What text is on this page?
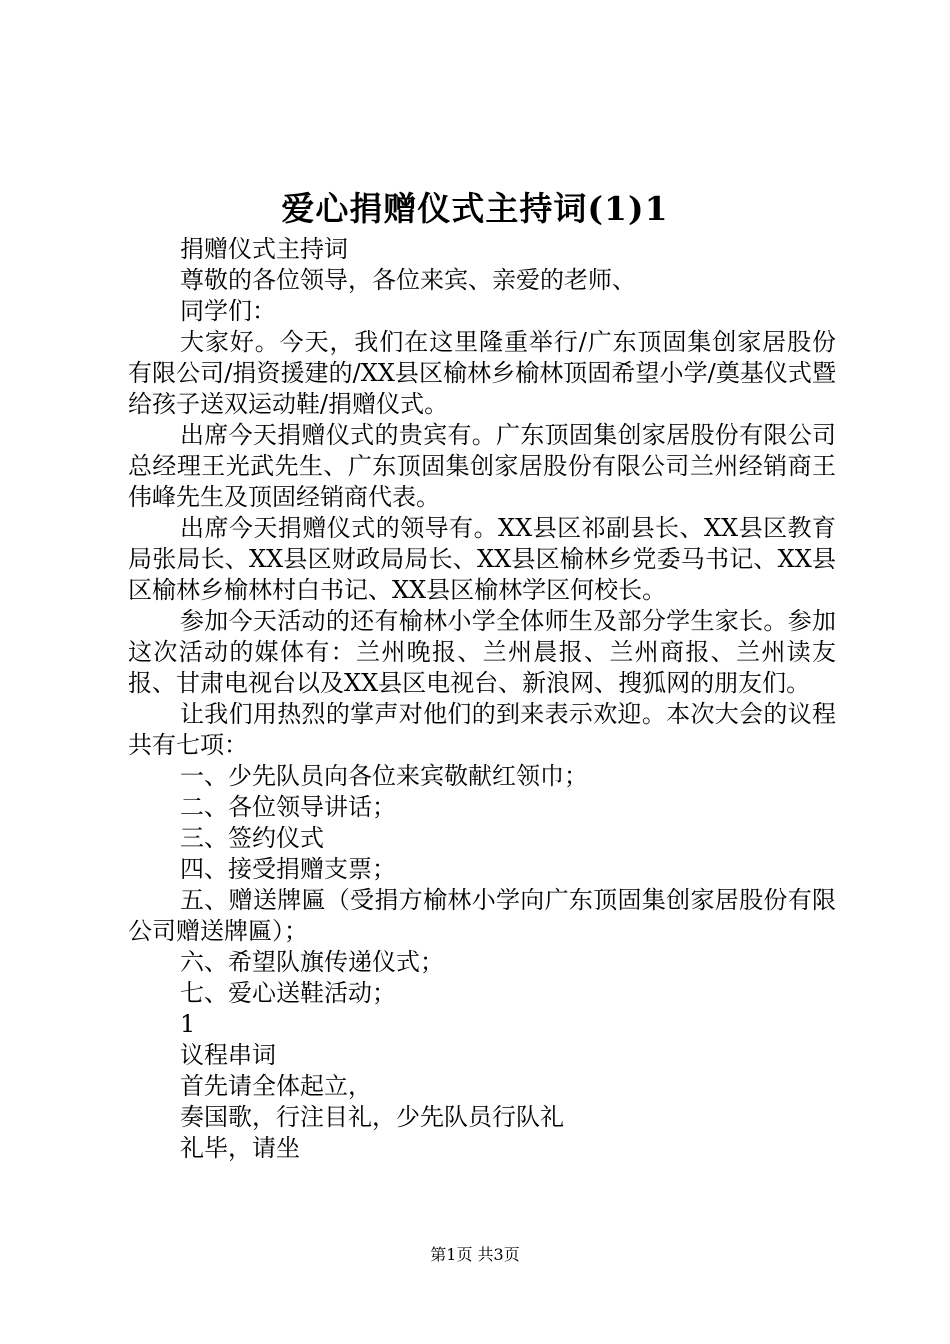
爱心捐赠仪式主持词(1)1

捐赠仪式主持词

尊敬的各位领导，各位来宾、亲爱的老师、

同学们：

大家好。今天，我们在这里隆重举行/广东顶固集创家居股份有限公司/捐资援建的/XX县区榆林乡榆林顶固希望小学/奠基仪式暨给孩子送双运动鞋/捐赠仪式。

出席今天捐赠仪式的贵宾有。广东顶固集创家居股份有限公司总经理王光武先生、广东顶固集创家居股份有限公司兰州经销商王伟峰先生及顶固经销商代表。

出席今天捐赠仪式的领导有。XX县区祁副县长、XX县区教育局张局长、XX县区财政局局长、XX县区榆林乡党委马书记、XX县区榆林乡榆林村白书记、XX县区榆林学区何校长。

参加今天活动的还有榆林小学全体师生及部分学生家长。参加这次活动的媒体有：兰州晚报、兰州晨报、兰州商报、兰州读友报、甘肃电视台以及XX县区电视台、新浪网、搜狐网的朋友们。

让我们用热烈的掌声对他们的到来表示欢迎。本次大会的议程共有七项：

一、少先队员向各位来宾敬献红领巾；

二、各位领导讲话；

三、签约仪式

四、接受捐赠支票；

五、赠送牌匾（受捐方榆林小学向广东顶固集创家居股份有限公司赠送牌匾）；

六、希望队旗传递仪式；

七、爱心送鞋活动；

1

议程串词

首先请全体起立，

奏国歌，行注目礼，少先队员行队礼

礼毕，请坐

第1页 共3页
